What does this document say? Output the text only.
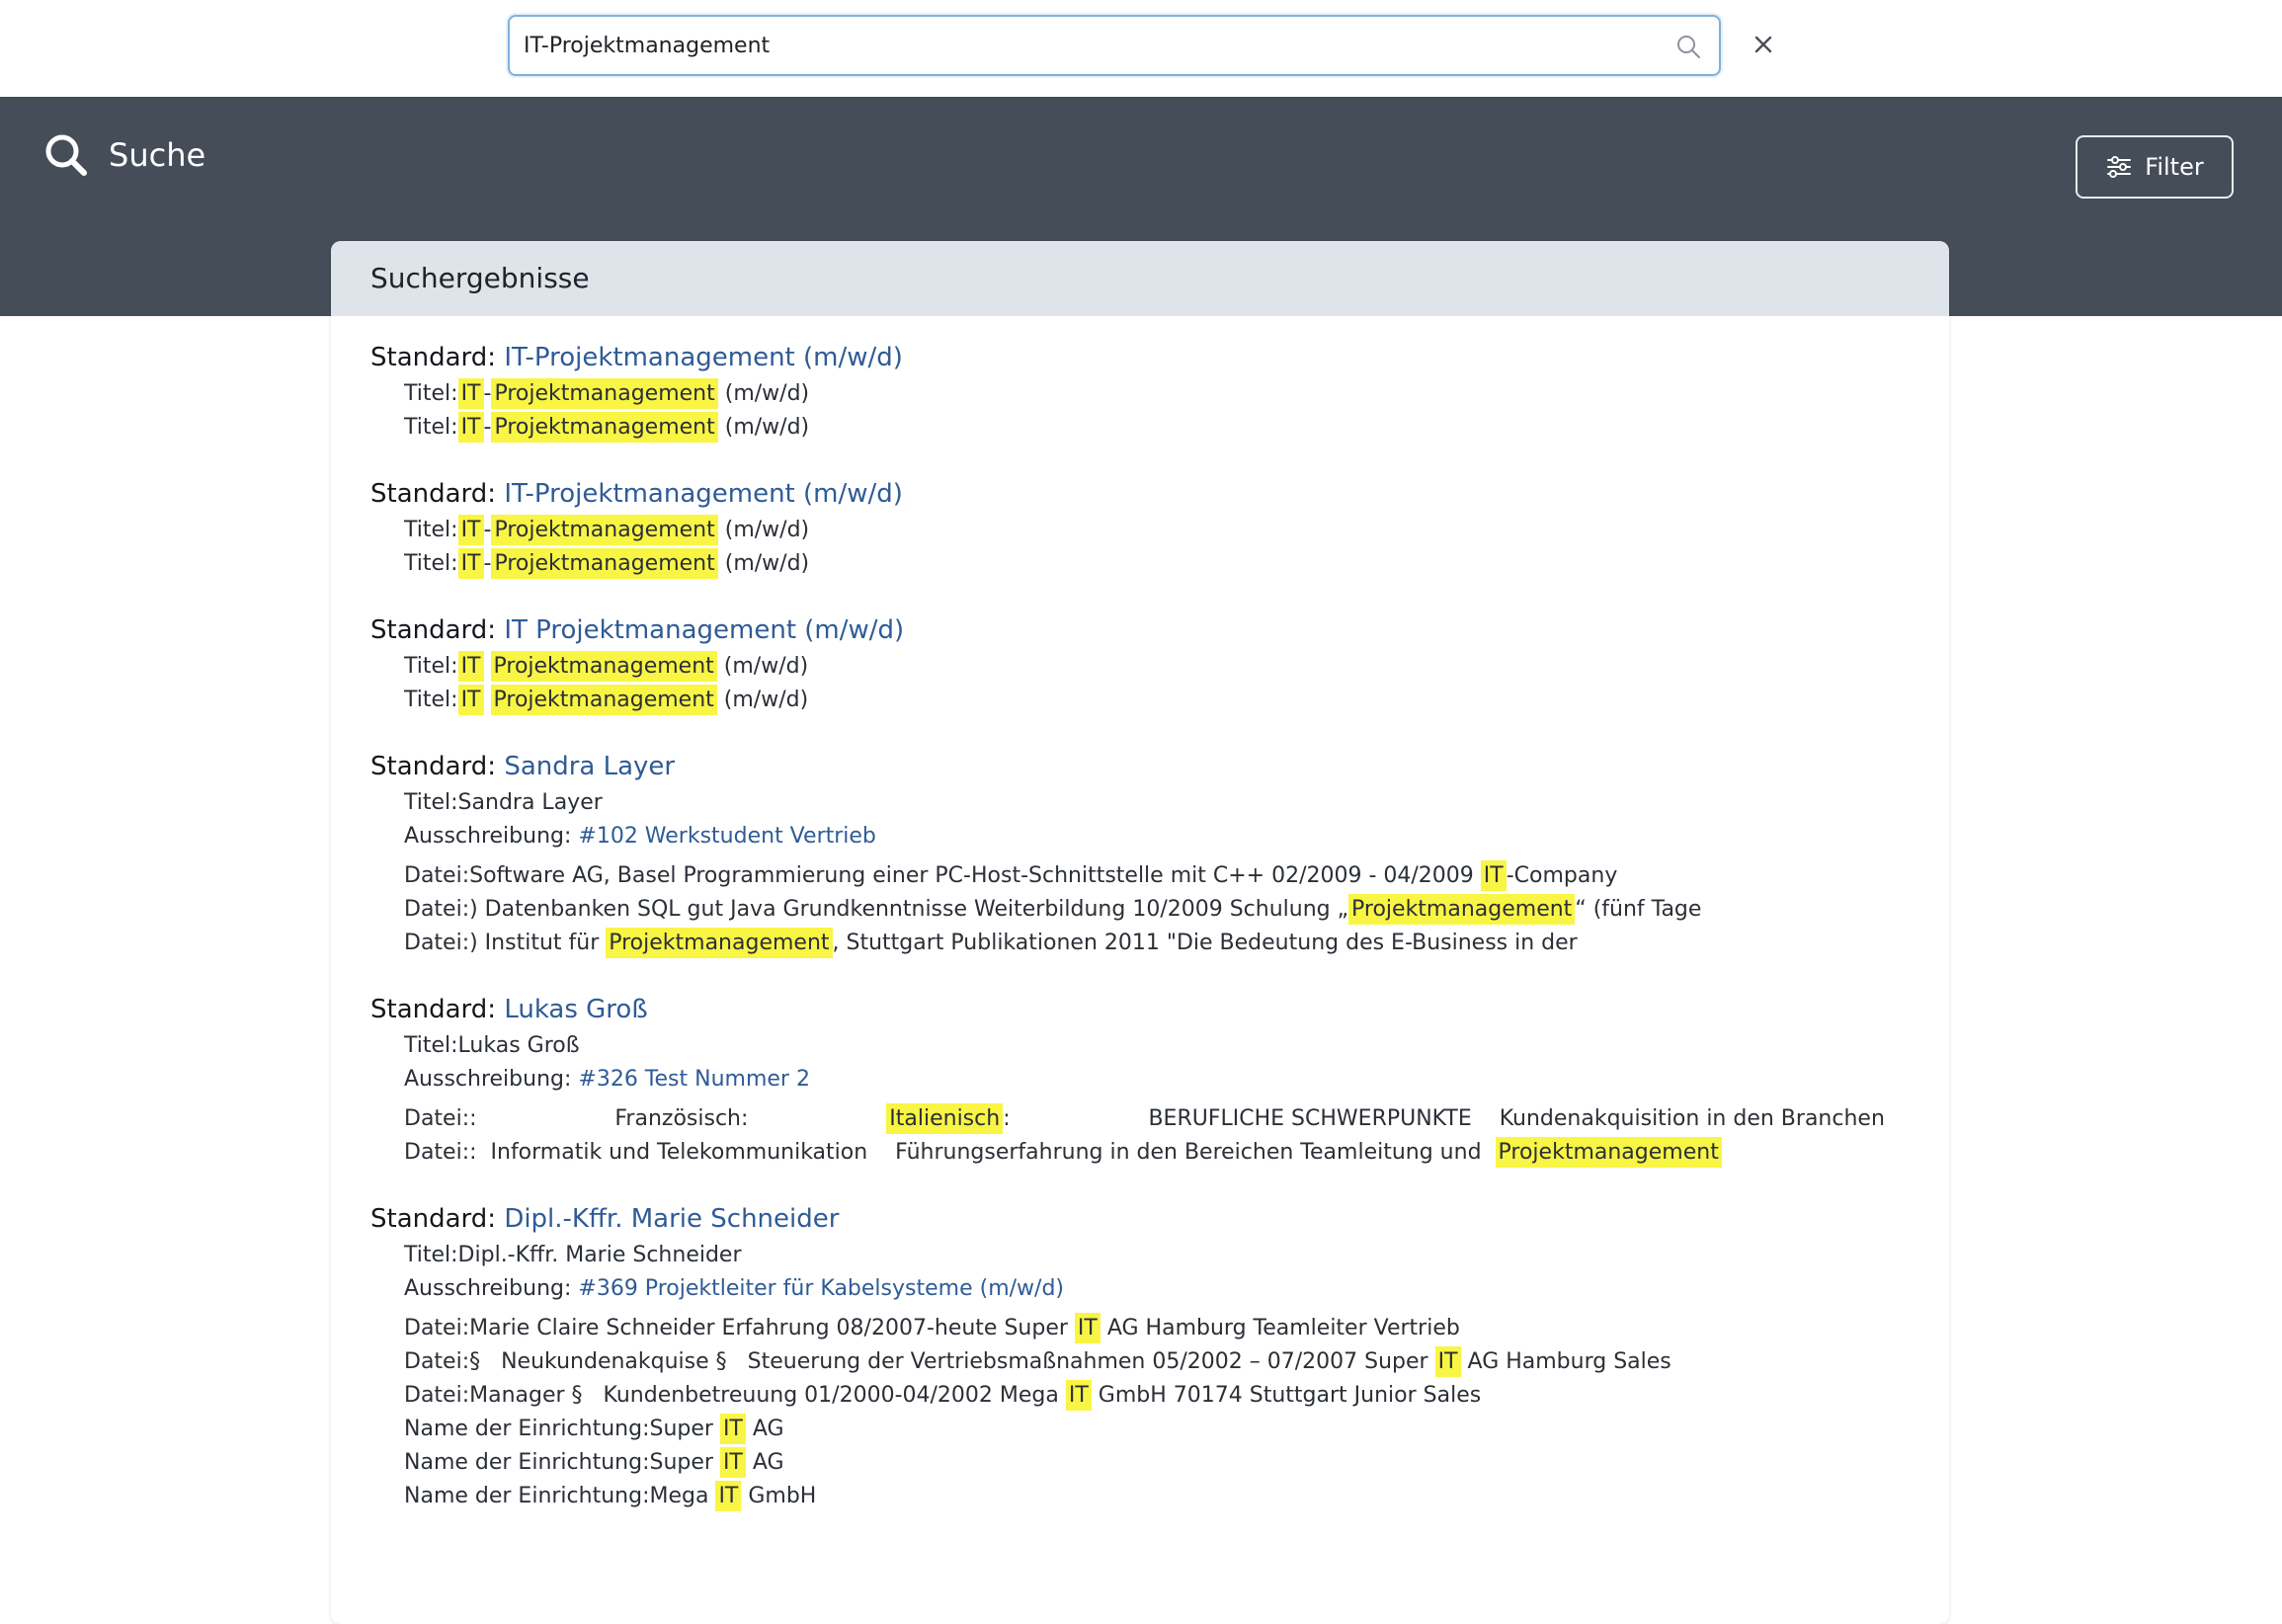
IT-Projektmanagement
Suche	Filter
Suchergebnisse
Standard: IT-Projektmanagement (m/w/d)
Titel: IT - Projektmanagement (m/w/d)
Titel: IT - Projektmanagement (m/w/d)
Standard: IT-Projektmanagement (m/w/d)
Titel: IT - Projektmanagement (m/w/d)
Titel: IT - Projektmanagement (m/w/d)
Standard: IT Projektmanagement (m/w/d)
Titel: IT Projektmanagement (m/w/d)
Titel: IT Projektmanagement (m/w/d)
Standard: Sandra Layer
Titel:Sandra Layer
Ausschreibung: #102 Werkstudent Vertrieb
Datei:Software AG, Basel Programmierung einer PC-Host-Schnittstelle mit C++ 02/2009 - 04/2009 IT -Company
Datei:) Datenbanken SQL gut Java Grundkenntnisse Weiterbildung 10/2009 Schulung „ Projektmanagement “ (fünf Tage
Datei:) Institut für Projektmanagement , Stuttgart Publikationen 2011 "Die Bedeutung des E-Business in der
Standard: Lukas Groß
Titel:Lukas Groß
Ausschreibung: #326 Test Nummer 2
Datei::                    Französisch:                    Italienisch :                    BERUFLICHE SCHWERPUNKTE    Kundenakquisition in den Branchen
Datei::  Informatik und Telekommunikation    Führungserfahrung in den Bereichen Teamleitung und  Projektmanagement
Standard: Dipl.-Kffr. Marie Schneider
Titel:Dipl.-Kffr. Marie Schneider
Ausschreibung: #369 Projektleiter für Kabelsysteme (m/w/d)
Datei:Marie Claire Schneider Erfahrung 08/2007-heute Super IT AG Hamburg Teamleiter Vertrieb
Datei:§   Neukundenakquise §   Steuerung der Vertriebsmaßnahmen 05/2002 – 07/2007 Super IT AG Hamburg Sales
Datei:Manager §   Kundenbetreuung 01/2000-04/2002 Mega IT GmbH 70174 Stuttgart Junior Sales
Name der Einrichtung:Super IT AG
Name der Einrichtung:Super IT AG
Name der Einrichtung:Mega IT GmbH
